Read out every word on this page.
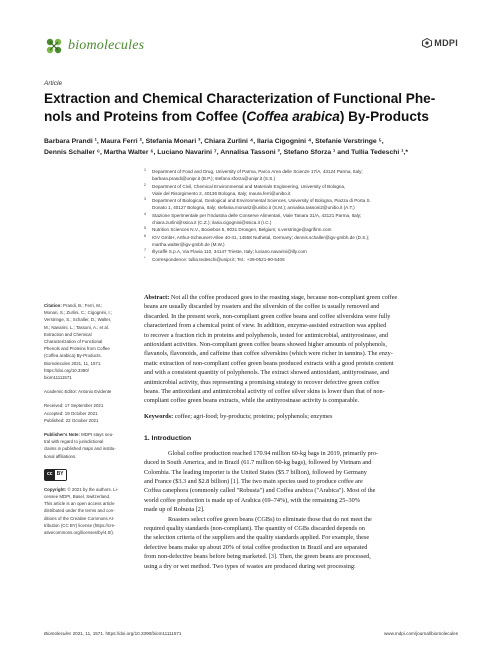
biomolecules	MDPI
Article
Extraction and Chemical Characterization of Functional Phe-
nols and Proteins from Coffee (Coffea arabica) By-Products
Barbara Prandi ¹, Maura Ferri ², Stefania Monari ³, Chiara Zurlini ⁴, Ilaria Cigognini ⁴, Stefanie Verstringe ⁵,
Dennis Schaller ⁶, Martha Walter ⁶, Luciano Navarini ⁷, Annalisa Tassoni ³, Stefano Sforza ¹ and Tullia Tedeschi ¹,*
1 Department of Food and Drug, University of Parma, Parco Area delle Scienze 17/A, 43124 Parma, Italy;
barbara.prandi@unipr.it (B.P.); stefano.sforza@unipr.it (S.S.)
2 Department of Civil, Chemical Environmental and Materials Engineering, University of Bologna,
Viale del Risorgimento 2, 40136 Bologna, Italy; maura.ferri@unibo.it
3 Department of Biological, Geological and Environmental Sciences, University of Bologna, Piazza di Porta S.
Donato 1, 40127 Bologna, Italy; stefania.monari2@unibo.it (S.M.); annalisa.tassoni2@unibo.it (A.T.)
4 Stazione Sperimentale per l'Industria delle Conserve Alimentari, Viale Tanara 31/A, 43121 Parma, Italy;
chiara.zurlini@ssica.it (C.Z.); ilaria.cigognini@ssica.it (I.C.)
5 Nutrition Sciences N.V., Booiebos 5, 9031 Drongen, Belgium; s.verstringe@agrifirm.com
6 IGV GmbH, Arthur-Scheunert-Allee 40-41, 14558 Nuthetal, Germany; dennis.schaller@igv-gmbh.de (D.S.);
martha.walter@igv-gmbh.de (M.W.)
7 Illycaffè S.p.A, Via Flavia 110, 34147 Trieste, Italy; luciano.navarini@illy.com
* Correspondence: tullia.tedeschi@unipr.it; Tel.: +39-0521-90-5406
Citation: Prandi, B.; Ferri, M.;
Monari, S.; Zurlini, C.; Cigognini, I.;
Verstringe, S.; Schaller, D.; Walter,
M.; Navarini, L.; Tassoni, A.; et al.
Extraction and Chemical
Characterization of Functional
Phenols and Proteins from Coffee
(Coffea arabica) By-Products.
Biomolecules 2021, 11, 1571.
https://doi.org/10.3390/
biom11111571
Academic Editor: Antonio Evidente
Received: 17 September 2021
Accepted: 19 October 2021
Published: 22 October 2021
Publisher's Note: MDPI stays neu-
tral with regard to jurisdictional
claims in published maps and institu-
tional affiliations.
cc BY
Copyright: © 2021 by the authors. Li-
censee MDPI, Basel, Switzerland.
This article is an open access article
distributed under the terms and con-
ditions of the Creative Commons At-
tribution (CC BY) license (https://cre-
ativecommons.org/licenses/by/4.0/).
Abstract: Not all the coffee produced goes to the roasting stage, because non-compliant green coffee
beans are usually discarded by roasters and the silverskin of the coffee is usually removed and
discarded. In the present work, non-compliant green coffee beans and coffee silverskins were fully
characterized from a chemical point of view. In addition, enzyme-assisted extraction was applied
to recover a fraction rich in proteins and polyphenols, tested for antimicrobial, antityrosinase, and
antioxidant activities. Non-compliant green coffee beans showed higher amounts of polyphenols,
flavanols, flavonoids, and caffeine than coffee silverskins (which were richer in tannins). The enzy-
matic extraction of non-compliant coffee green beans produced extracts with a good protein content
and with a consistent quantity of polyphenols. The extract showed antioxidant, antityrosinase, and
antimicrobial activity, thus representing a promising strategy to recover defective green coffee
beans. The antioxidant and antimicrobial activity of coffee silver skins is lower than that of non-
compliant coffee green beans extracts, while the antityrosinase activity is comparable.
Keywords: coffee; agri-food; by-products; proteins; polyphenols; enzymes
1. Introduction
Global coffee production reached 170.94 million 60-kg bags in 2019, primarily pro-
duced in South America, and in Brazil (61.7 million 60-kg bags), followed by Vietnam and
Colombia. The leading importer is the United States ($5.7 billion), followed by Germany
and France ($3.3 and $2.8 billion) [1]. The two main species used to produce coffee are
Coffea canephora (commonly called "Robusta") and Coffea arabica ("Arabica"). Most of the
world coffee production is made up of Arabica (69–74%), with the remaining 25–30%
made up of Robusta [2].
Roasters select coffee green beans (CGBs) to eliminate those that do not meet the
required quality standards (non-compliant). The quantity of CGBs discarded depends on
the selection criteria of the suppliers and the quality standards applied. For example, these
defective beans make up about 20% of total coffee production in Brazil and are separated
from non-defective beans before being marketed. [3]. Then, the green beans are processed,
using a dry or wet method. Two types of wastes are produced during wet processing:
Biomolecules 2021, 11, 1571. https://doi.org/10.3390/biom11111571	www.mdpi.com/journal/biomolecules
